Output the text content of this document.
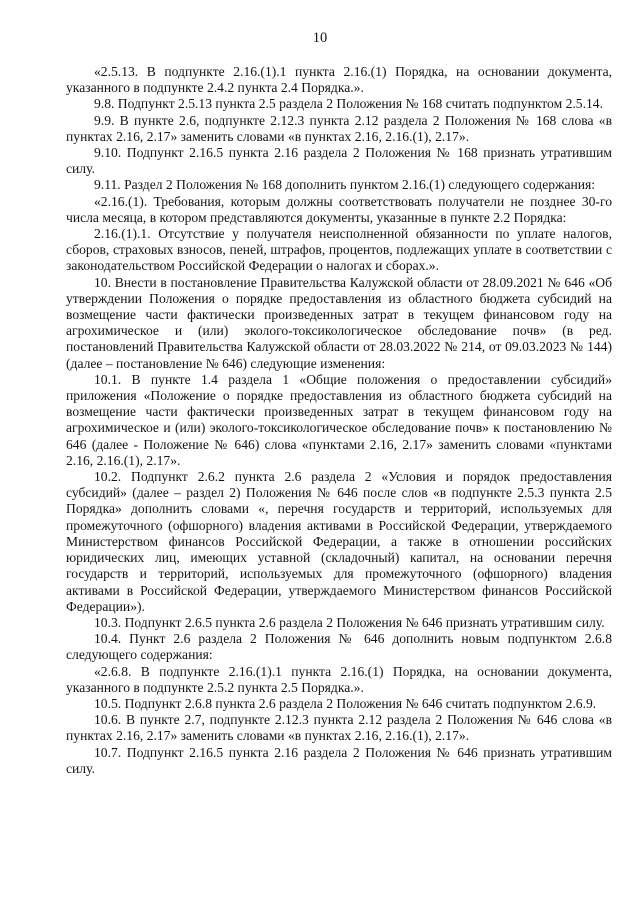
10

«2.5.13. В подпункте 2.16.(1).1 пункта 2.16.(1) Порядка, на основании документа, указанного в подпункте 2.4.2 пункта 2.4 Порядка.».

9.8. Подпункт 2.5.13 пункта 2.5 раздела 2 Положения № 168 считать подпунктом 2.5.14.

9.9. В пункте 2.6, подпункте 2.12.3 пункта 2.12 раздела 2 Положения № 168 слова «в пунктах 2.16, 2.17» заменить словами «в пунктах 2.16, 2.16.(1), 2.17».

9.10. Подпункт 2.16.5 пункта 2.16 раздела 2 Положения № 168 признать утратившим силу.

9.11. Раздел 2 Положения № 168 дополнить пунктом 2.16.(1) следующего содержания:

«2.16.(1). Требования, которым должны соответствовать получатели не позднее 30-го числа месяца, в котором представляются документы, указанные в пункте 2.2 Порядка:

2.16.(1).1. Отсутствие у получателя неисполненной обязанности по уплате налогов, сборов, страховых взносов, пеней, штрафов, процентов, подлежащих уплате в соответствии с законодательством Российской Федерации о налогах и сборах.».

10. Внести в постановление Правительства Калужской области от 28.09.2021 № 646 «Об утверждении Положения о порядке предоставления из областного бюджета субсидий на возмещение части фактически произведенных затрат в текущем финансовом году на агрохимическое и (или) эколого-токсикологическое обследование почв» (в ред. постановлений Правительства Калужской области от 28.03.2022 № 214, от 09.03.2023 № 144) (далее – постановление № 646) следующие изменения:

10.1. В пункте 1.4 раздела 1 «Общие положения о предоставлении субсидий» приложения «Положение о порядке предоставления из областного бюджета субсидий на возмещение части фактически произведенных затрат в текущем финансовом году на агрохимическое и (или) эколого-токсикологическое обследование почв» к постановлению № 646 (далее - Положение № 646) слова «пунктами 2.16, 2.17» заменить словами «пунктами 2.16, 2.16.(1), 2.17».

10.2. Подпункт 2.6.2 пункта 2.6 раздела 2 «Условия и порядок предоставления субсидий» (далее – раздел 2) Положения № 646 после слов «в подпункте 2.5.3 пункта 2.5 Порядка» дополнить словами «, перечня государств и территорий, используемых для промежуточного (офшорного) владения активами в Российской Федерации, утверждаемого Министерством финансов Российской Федерации, а также в отношении российских юридических лиц, имеющих уставной (складочный) капитал, на основании перечня государств и территорий, используемых для промежуточного (офшорного) владения активами в Российской Федерации, утверждаемого Министерством финансов Российской Федерации»).

10.3. Подпункт 2.6.5 пункта 2.6 раздела 2 Положения № 646 признать утратившим силу.

10.4. Пункт 2.6 раздела 2 Положения № 646 дополнить новым подпунктом 2.6.8 следующего содержания:

«2.6.8. В подпункте 2.16.(1).1 пункта 2.16.(1) Порядка, на основании документа, указанного в подпункте 2.5.2 пункта 2.5 Порядка.».

10.5. Подпункт 2.6.8 пункта 2.6 раздела 2 Положения № 646 считать подпунктом 2.6.9.

10.6. В пункте 2.7, подпункте 2.12.3 пункта 2.12 раздела 2 Положения № 646 слова «в пунктах 2.16, 2.17» заменить словами «в пунктах 2.16, 2.16.(1), 2.17».

10.7. Подпункт 2.16.5 пункта 2.16 раздела 2 Положения № 646 признать утратившим силу.
